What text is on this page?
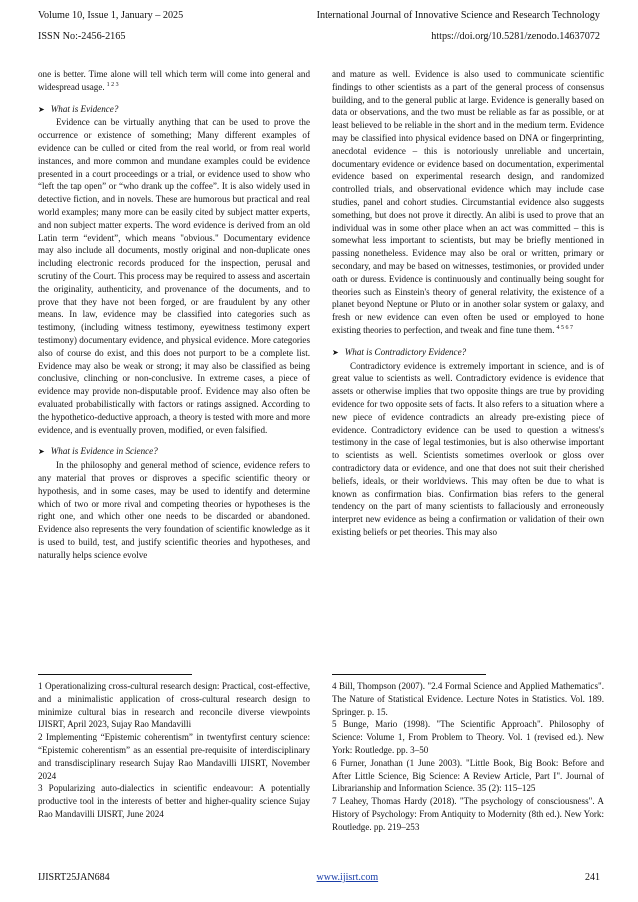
Volume 10, Issue 1, January – 2025	International Journal of Innovative Science and Research Technology
ISSN No:-2456-2165	https://doi.org/10.5281/zenodo.14637072

one is better. Time alone will tell which term will come into general and widespread usage. $^{1 2 3}$

➤ What is Evidence?

Evidence can be virtually anything that can be used to prove the occurrence or existence of something; Many different examples of evidence can be culled or cited from the real world, or from real world instances, and more common and mundane examples could be evidence presented in a court proceedings or a trial, or evidence used to show who “left the tap open” or “who drank up the coffee”. It is also widely used in detective fiction, and in novels. These are humorous but practical and real world examples; many more can be easily cited by subject matter experts, and non subject matter experts. The word evidence is derived from an old Latin term “evident”, which means "obvious." Documentary evidence may also include all documents, mostly original and non-duplicate ones including electronic records produced for the inspection, perusal and scrutiny of the Court. This process may be required to assess and ascertain the originality, authenticity, and provenance of the documents, and to prove that they have not been forged, or are fraudulent by any other means. In law, evidence may be classified into categories such as testimony, (including witness testimony, eyewitness testimony expert testimony) documentary evidence, and physical evidence. More categories also of course do exist, and this does not purport to be a complete list. Evidence may also be weak or strong; it may also be classified as being conclusive, clinching or non-conclusive. In extreme cases, a piece of evidence may provide non-disputable proof. Evidence may also often be evaluated probabilistically with factors or ratings assigned. According to the hypothetico-deductive approach, a theory is tested with more and more evidence, and is eventually proven, modified, or even falsified.

➤ What is Evidence in Science?

In the philosophy and general method of science, evidence refers to any material that proves or disproves a specific scientific theory or hypothesis, and in some cases, may be used to identify and determine which of two or more rival and competing theories or hypotheses is the right one, and which other one needs to be discarded or abandoned. Evidence also represents the very foundation of scientific knowledge as it is used to build, test, and justify scientific theories and hypotheses, and naturally helps science evolve

and mature as well. Evidence is also used to communicate scientific findings to other scientists as a part of the general process of consensus building, and to the general public at large. Evidence is generally based on data or observations, and the two must be reliable as far as possible, or at least believed to be reliable in the short and in the medium term. Evidence may be classified into physical evidence based on DNA or fingerprinting, anecdotal evidence – this is notoriously unreliable and uncertain, documentary evidence or evidence based on documentation, experimental evidence based on experimental research design, and randomized controlled trials, and observational evidence which may include case studies, panel and cohort studies. Circumstantial evidence also suggests something, but does not prove it directly. An alibi is used to prove that an individual was in some other place when an act was committed – this is somewhat less important to scientists, but may be briefly mentioned in passing nonetheless. Evidence may also be oral or written, primary or secondary, and may be based on witnesses, testimonies, or provided under oath or duress. Evidence is continuously and continually being sought for theories such as Einstein's theory of general relativity, the existence of a planet beyond Neptune or Pluto or in another solar system or galaxy, and fresh or new evidence can even often be used or employed to hone existing theories to perfection, and tweak and fine tune them. $^{4 5 6 7}$

➤ What is Contradictory Evidence?

Contradictory evidence is extremely important in science, and is of great value to scientists as well. Contradictory evidence is evidence that assets or otherwise implies that two opposite things are true by providing evidence for two opposite sets of facts. It also refers to a situation where a new piece of evidence contradicts an already pre-existing piece of evidence. Contradictory evidence can be used to question a witness's testimony in the case of legal testimonies, but is also otherwise important to scientists as well. Scientists sometimes overlook or gloss over contradictory data or evidence, and one that does not suit their cherished beliefs, ideals, or their worldviews. This may often be due to what is known as confirmation bias. Confirmation bias refers to the general tendency on the part of many scientists to fallaciously and erroneously interpret new evidence as being a confirmation or validation of their own existing beliefs or pet theories. This may also

1 Operationalizing cross-cultural research design: Practical, cost-effective, and a minimalistic application of cross-cultural research design to minimize cultural bias in research and reconcile diverse viewpoints IJISRT, April 2023, Sujay Rao Mandavilli

2 Implementing “Epistemic coherentism” in twentyfirst century science: “Epistemic coherentism” as an essential pre-requisite of interdisciplinary and transdisciplinary research Sujay Rao Mandavilli IJISRT, November 2024

3 Popularizing auto-dialectics in scientific endeavour: A potentially productive tool in the interests of better and higher-quality science Sujay Rao Mandavilli IJISRT, June 2024

4 Bill, Thompson (2007). "2.4 Formal Science and Applied Mathematics". The Nature of Statistical Evidence. Lecture Notes in Statistics. Vol. 189. Springer. p. 15.

5 Bunge, Mario (1998). "The Scientific Approach". Philosophy of Science: Volume 1, From Problem to Theory. Vol. 1 (revised ed.). New York: Routledge. pp. 3–50

6 Furner, Jonathan (1 June 2003). "Little Book, Big Book: Before and After Little Science, Big Science: A Review Article, Part I". Journal of Librarianship and Information Science. 35 (2): 115–125

7 Leahey, Thomas Hardy (2018). "The psychology of consciousness". A History of Psychology: From Antiquity to Modernity (8th ed.). New York: Routledge. pp. 219–253

IJISRT25JAN684	www.ijisrt.com	241
